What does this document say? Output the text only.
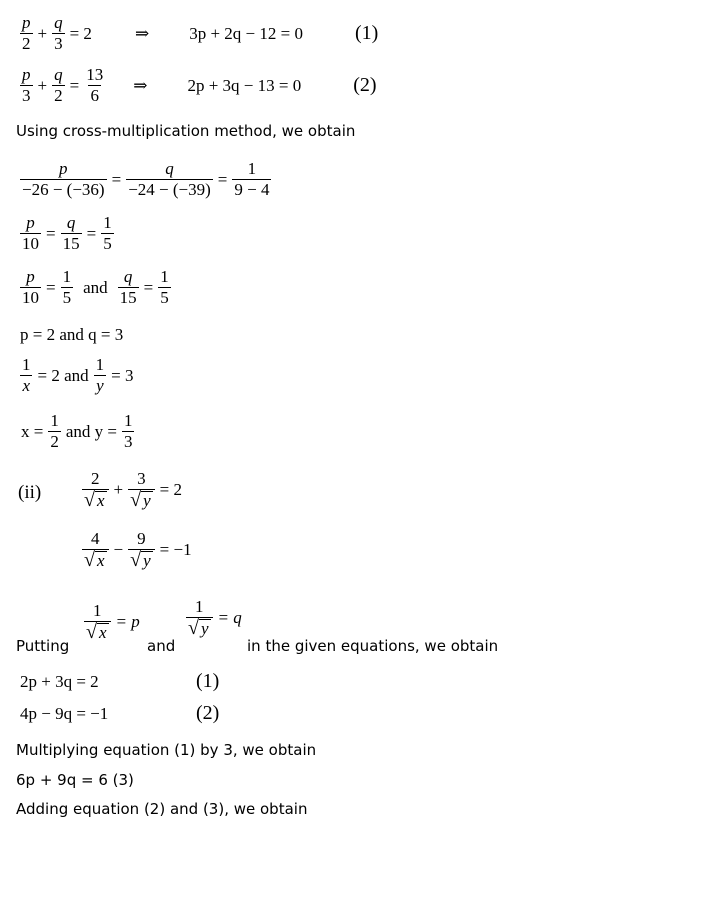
$\frac{p}{2} + \frac{q}{3} = 2$	⇒ 3p + 2q − 12 = 0	(1)
$\frac{p}{3} + \frac{q}{2} = \frac{13}{6}$ ⇒ 2p + 3q − 13 = 0	(2)
Using cross-multiplication method, we obtain
$\frac{p}{-26 - (-36)} = \frac{q}{-24 - (-39)} = \frac{1}{9 - 4}$
$\frac{p}{10} = \frac{q}{15} = \frac{1}{5}$
$\frac{p}{10} = \frac{1}{5}$ and $\frac{q}{15} = \frac{1}{5}$
p = 2 and q = 3
$\frac{1}{x} = 2$ and $\frac{1}{y} = 3$
$x = \frac{1}{2}$ and $y = \frac{1}{3}$
$(ii) \frac{2}{√ x} + \frac{3}{√ y} = 2$
$\frac{4}{√ x} - \frac{9}{√ y} = -1$
Putting
$\frac{1}{√ x} = p$
and
$\frac{1}{√ y} = q$
in the given equations, we obtain
2p + 3q = 2	(1)
4p − 9q = −1	(2)
Multiplying equation (1) by 3, we obtain
6p + 9q = 6 (3)
Adding equation (2) and (3), we obtain
